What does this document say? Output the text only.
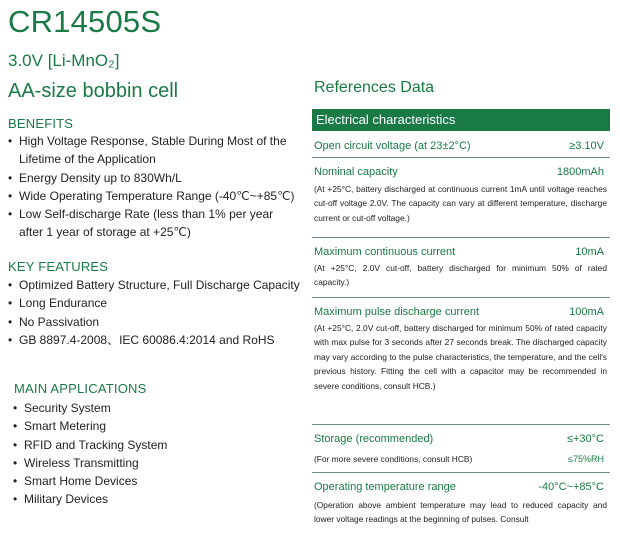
CR14505S
3.0V [Li-MnO₂]
AA-size bobbin cell
BENEFITS
• High Voltage Response, Stable During Most of the Lifetime of the Application
• Energy Density up to 830Wh/L
• Wide Operating Temperature Range (-40℃~+85℃)
• Low Self-discharge Rate (less than 1% per year after 1 year of storage at +25℃)
KEY FEATURES
• Optimized Battery Structure, Full Discharge Capacity
• Long Endurance
• No Passivation
• GB 8897.4-2008、IEC 60086.4:2014 and RoHS
MAIN APPLICATIONS
• Security System
• Smart Metering
• RFID and Tracking System
• Wireless Transmitting
• Smart Home Devices
• Military Devices
References Data
Electrical characteristics
Open circuit voltage (at 23±2°C)	≥3.10V
Nominal capacity	1800mAh
(At +25°C, battery discharged at continuous current 1mA until voltage reaches cut-off voltage 2.0V. The capacity can vary at different temperature, discharge current or cut-off voltage.)
Maximum continuous current	10mA
(At +25°C, 2.0V cut-off, battery discharged for minimum 50% of rated capacity.)
Maximum pulse discharge current	100mA
(At +25°C, 2.0V cut-off, battery discharged for minimum 50% of rated capacity with max pulse for 3 seconds after 27 seconds break. The discharged capacity may vary according to the pulse characteristics, the temperature, and the cell's previous history. Fitting the cell with a capacitor may be recommended in severe conditions, consult HCB.)
Storage (recommended)	≤+30°C
(For more severe conditions, consult HCB)	≤75%RH
Operating temperature range	-40°C~+85°C
(Operation above ambient temperature may lead to reduced capacity and lower voltage readings at the beginning of pulses. Consult
